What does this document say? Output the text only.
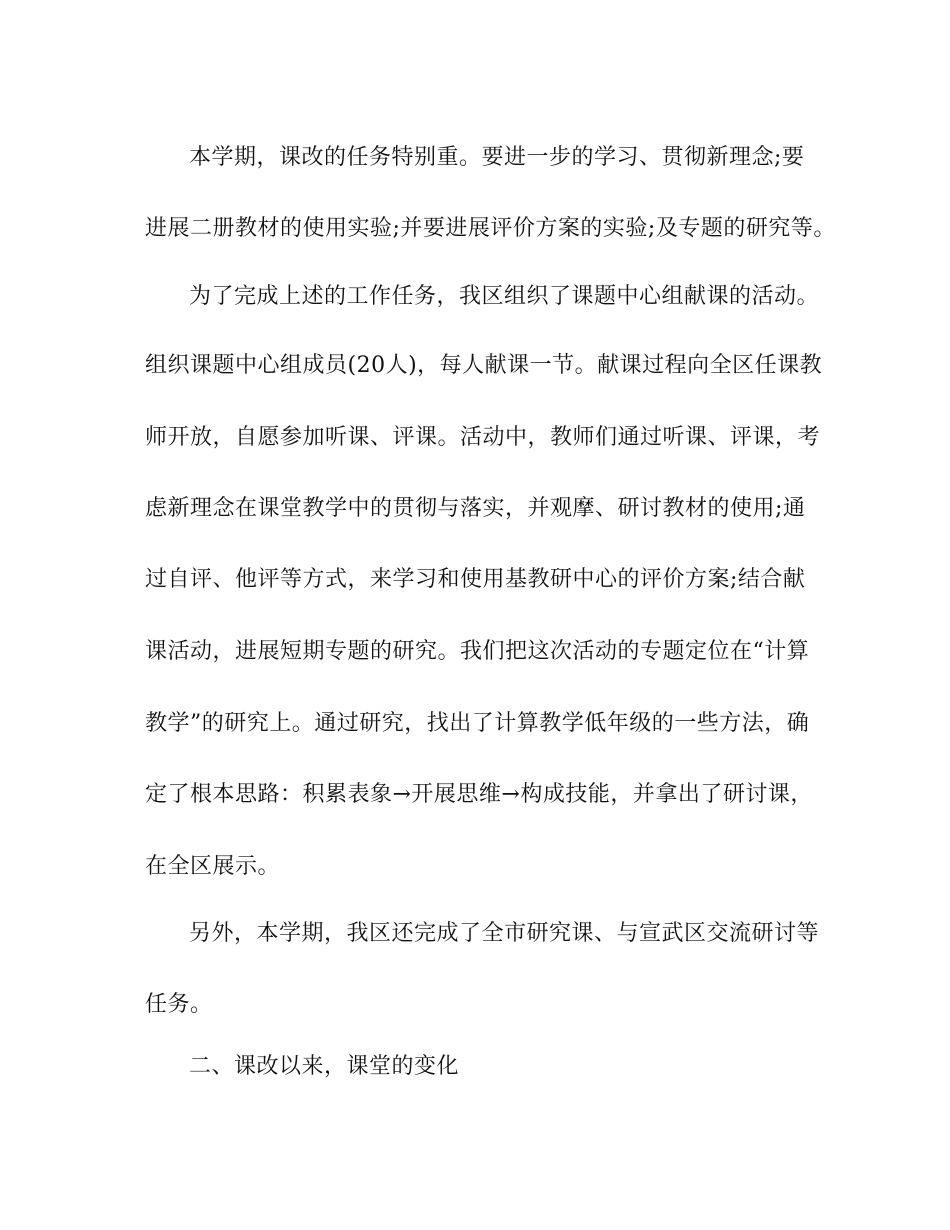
本学期，课改的任务特别重。要进一步的学习、贯彻新理念;要
进展二册教材的使用实验;并要进展评价方案的实验;及专题的研究等。
为了完成上述的工作任务，我区组织了课题中心组献课的活动。
组织课题中心组成员(20人)，每人献课一节。献课过程向全区任课教
师开放，自愿参加听课、评课。活动中，教师们通过听课、评课，考
虑新理念在课堂教学中的贯彻与落实，并观摩、研讨教材的使用;通
过自评、他评等方式，来学习和使用基教研中心的评价方案;结合献
课活动，进展短期专题的研究。我们把这次活动的专题定位在“计算
教学”的研究上。通过研究，找出了计算教学低年级的一些方法，确
定了根本思路：积累表象→开展思维→构成技能，并拿出了研讨课，
在全区展示。
另外，本学期，我区还完成了全市研究课、与宣武区交流研讨等
任务。
二、课改以来，课堂的变化
